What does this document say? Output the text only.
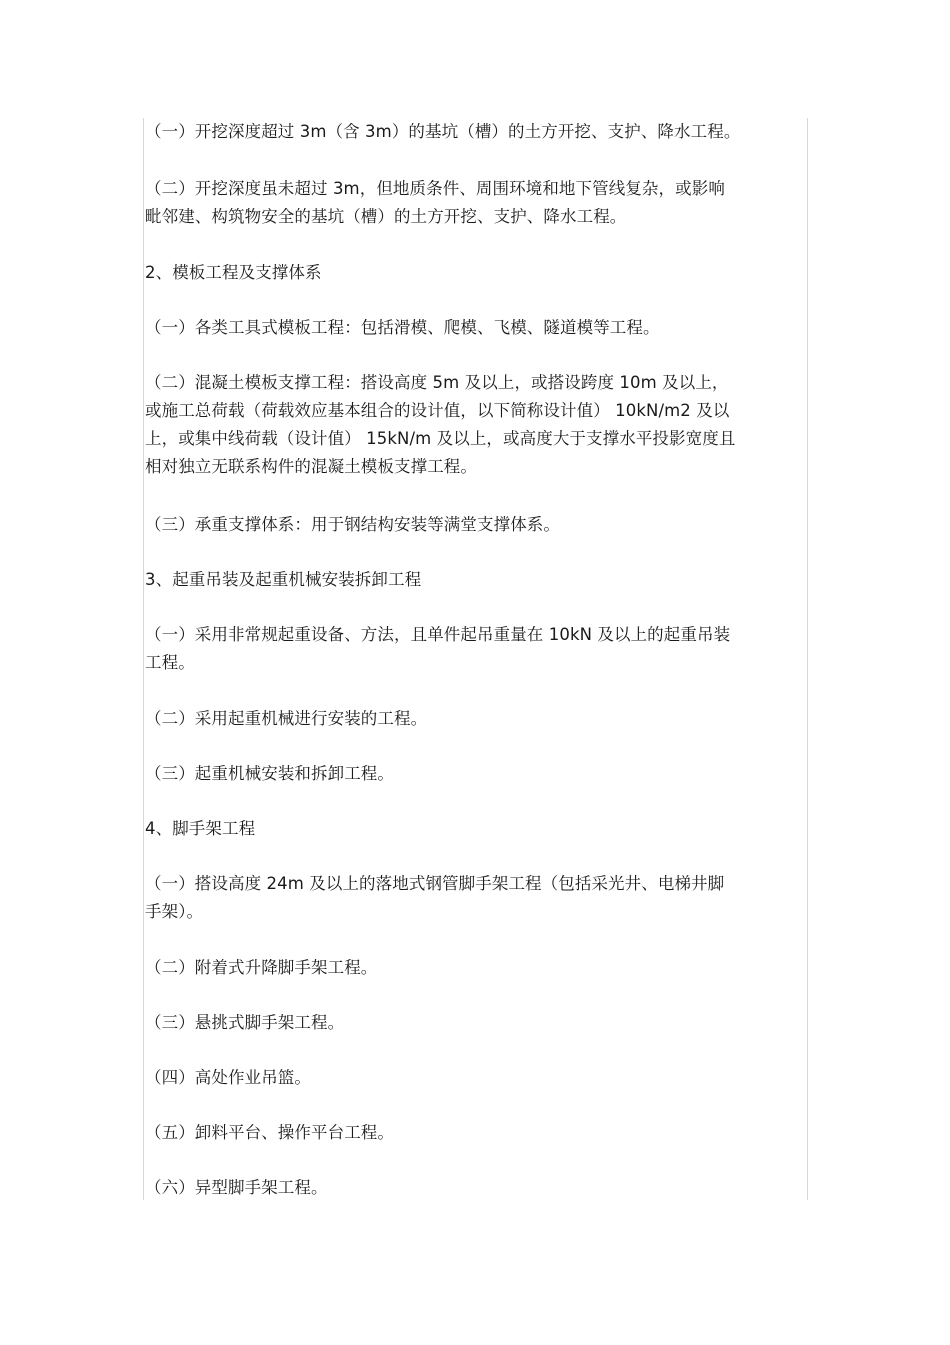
（一）开挖深度超过 3m（含 3m）的基坑（槽）的土方开挖、支护、降水工程。

（二）开挖深度虽未超过 3m，但地质条件、周围环境和地下管线复杂，或影响
毗邻建、构筑物安全的基坑（槽）的土方开挖、支护、降水工程。

2、模板工程及支撑体系

（一）各类工具式模板工程：包括滑模、爬模、飞模、隧道模等工程。

（二）混凝土模板支撑工程：搭设高度 5m 及以上，或搭设跨度 10m 及以上，
或施工总荷载（荷载效应基本组合的设计值，以下简称设计值） 10kN/m2 及以
上，或集中线荷载（设计值） 15kN/m 及以上，或高度大于支撑水平投影宽度且
相对独立无联系构件的混凝土模板支撑工程。

（三）承重支撑体系：用于钢结构安装等满堂支撑体系。

3、起重吊装及起重机械安装拆卸工程

（一）采用非常规起重设备、方法，且单件起吊重量在 10kN 及以上的起重吊装
工程。

（二）采用起重机械进行安装的工程。

（三）起重机械安装和拆卸工程。

4、脚手架工程

（一）搭设高度 24m 及以上的落地式钢管脚手架工程（包括采光井、电梯井脚
手架）。

（二）附着式升降脚手架工程。

（三）悬挑式脚手架工程。

（四）高处作业吊篮。

（五）卸料平台、操作平台工程。

（六）异型脚手架工程。
